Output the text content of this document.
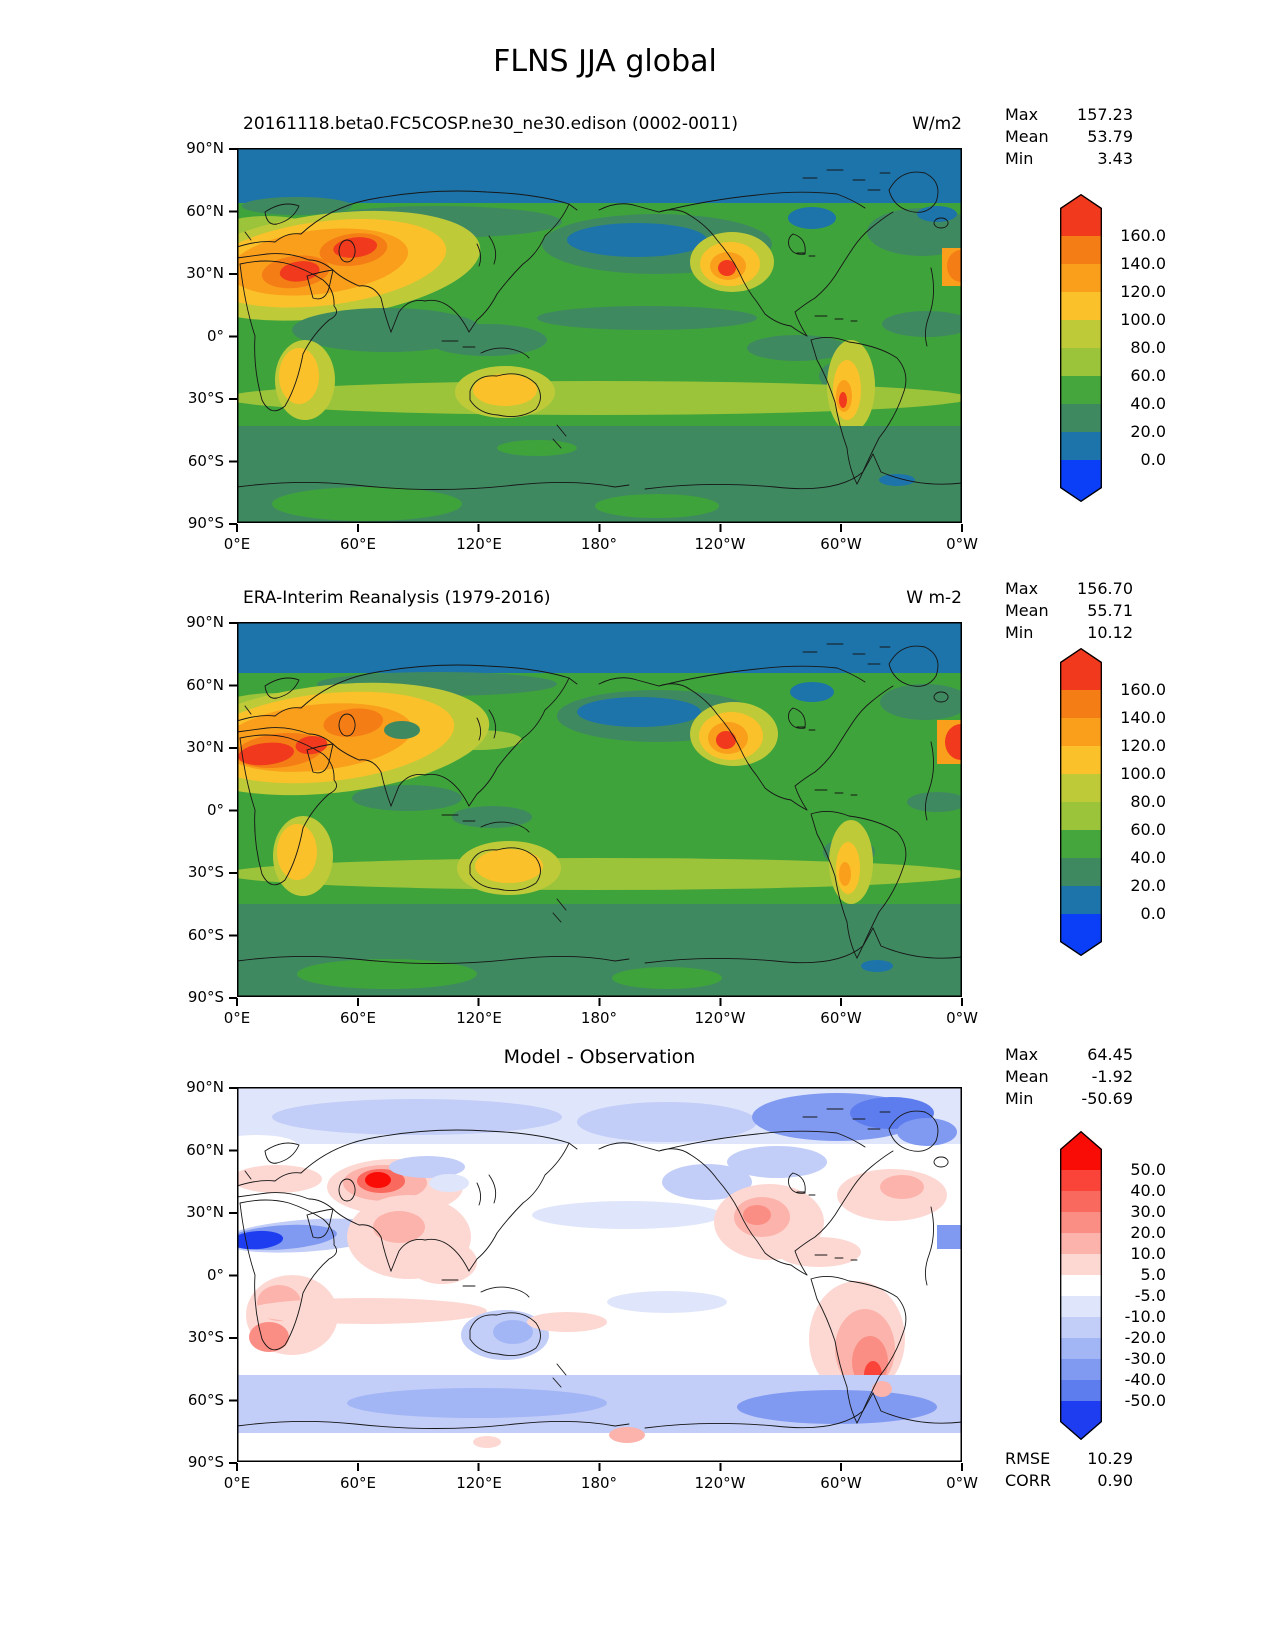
FLNS JJA global
20161118.beta0.FC5COSP.ne30_ne30.edison (0002-0011)	W/m2	Max 157.23
Mean 53.79
Min	3.43
90°N
60°N
30°N
0°
30°S
60°S
90°S
0°E	60°E	120°E	180°	120°W	60°W	0°W
160.0
140.0
120.0
100.0
80.0
60.0
40.0
20.0
0.0
ERA-Interim Reanalysis (1979-2016)	W m-2	Max 156.70
Mean 55.71
Min	10.12
90°N
60°N
30°N
0°
30°S
60°S
90°S
0°E	60°E	120°E	180°	120°W	60°W	0°W
160.0
140.0
120.0
100.0
80.0
60.0
40.0
20.0
0.0
Model - Observation	Max	64.45
Mean	-1.92
Min	-50.69
90°N
60°N
30°N
0°
30°S
60°S
90°S
0°E	60°E	120°E	180°	120°W	60°W	0°W
50.0
40.0
30.0
20.0
10.0
5.0
-5.0
-10.0
-20.0
-30.0
-40.0
-50.0
RMSE 10.29
CORR	0.90
